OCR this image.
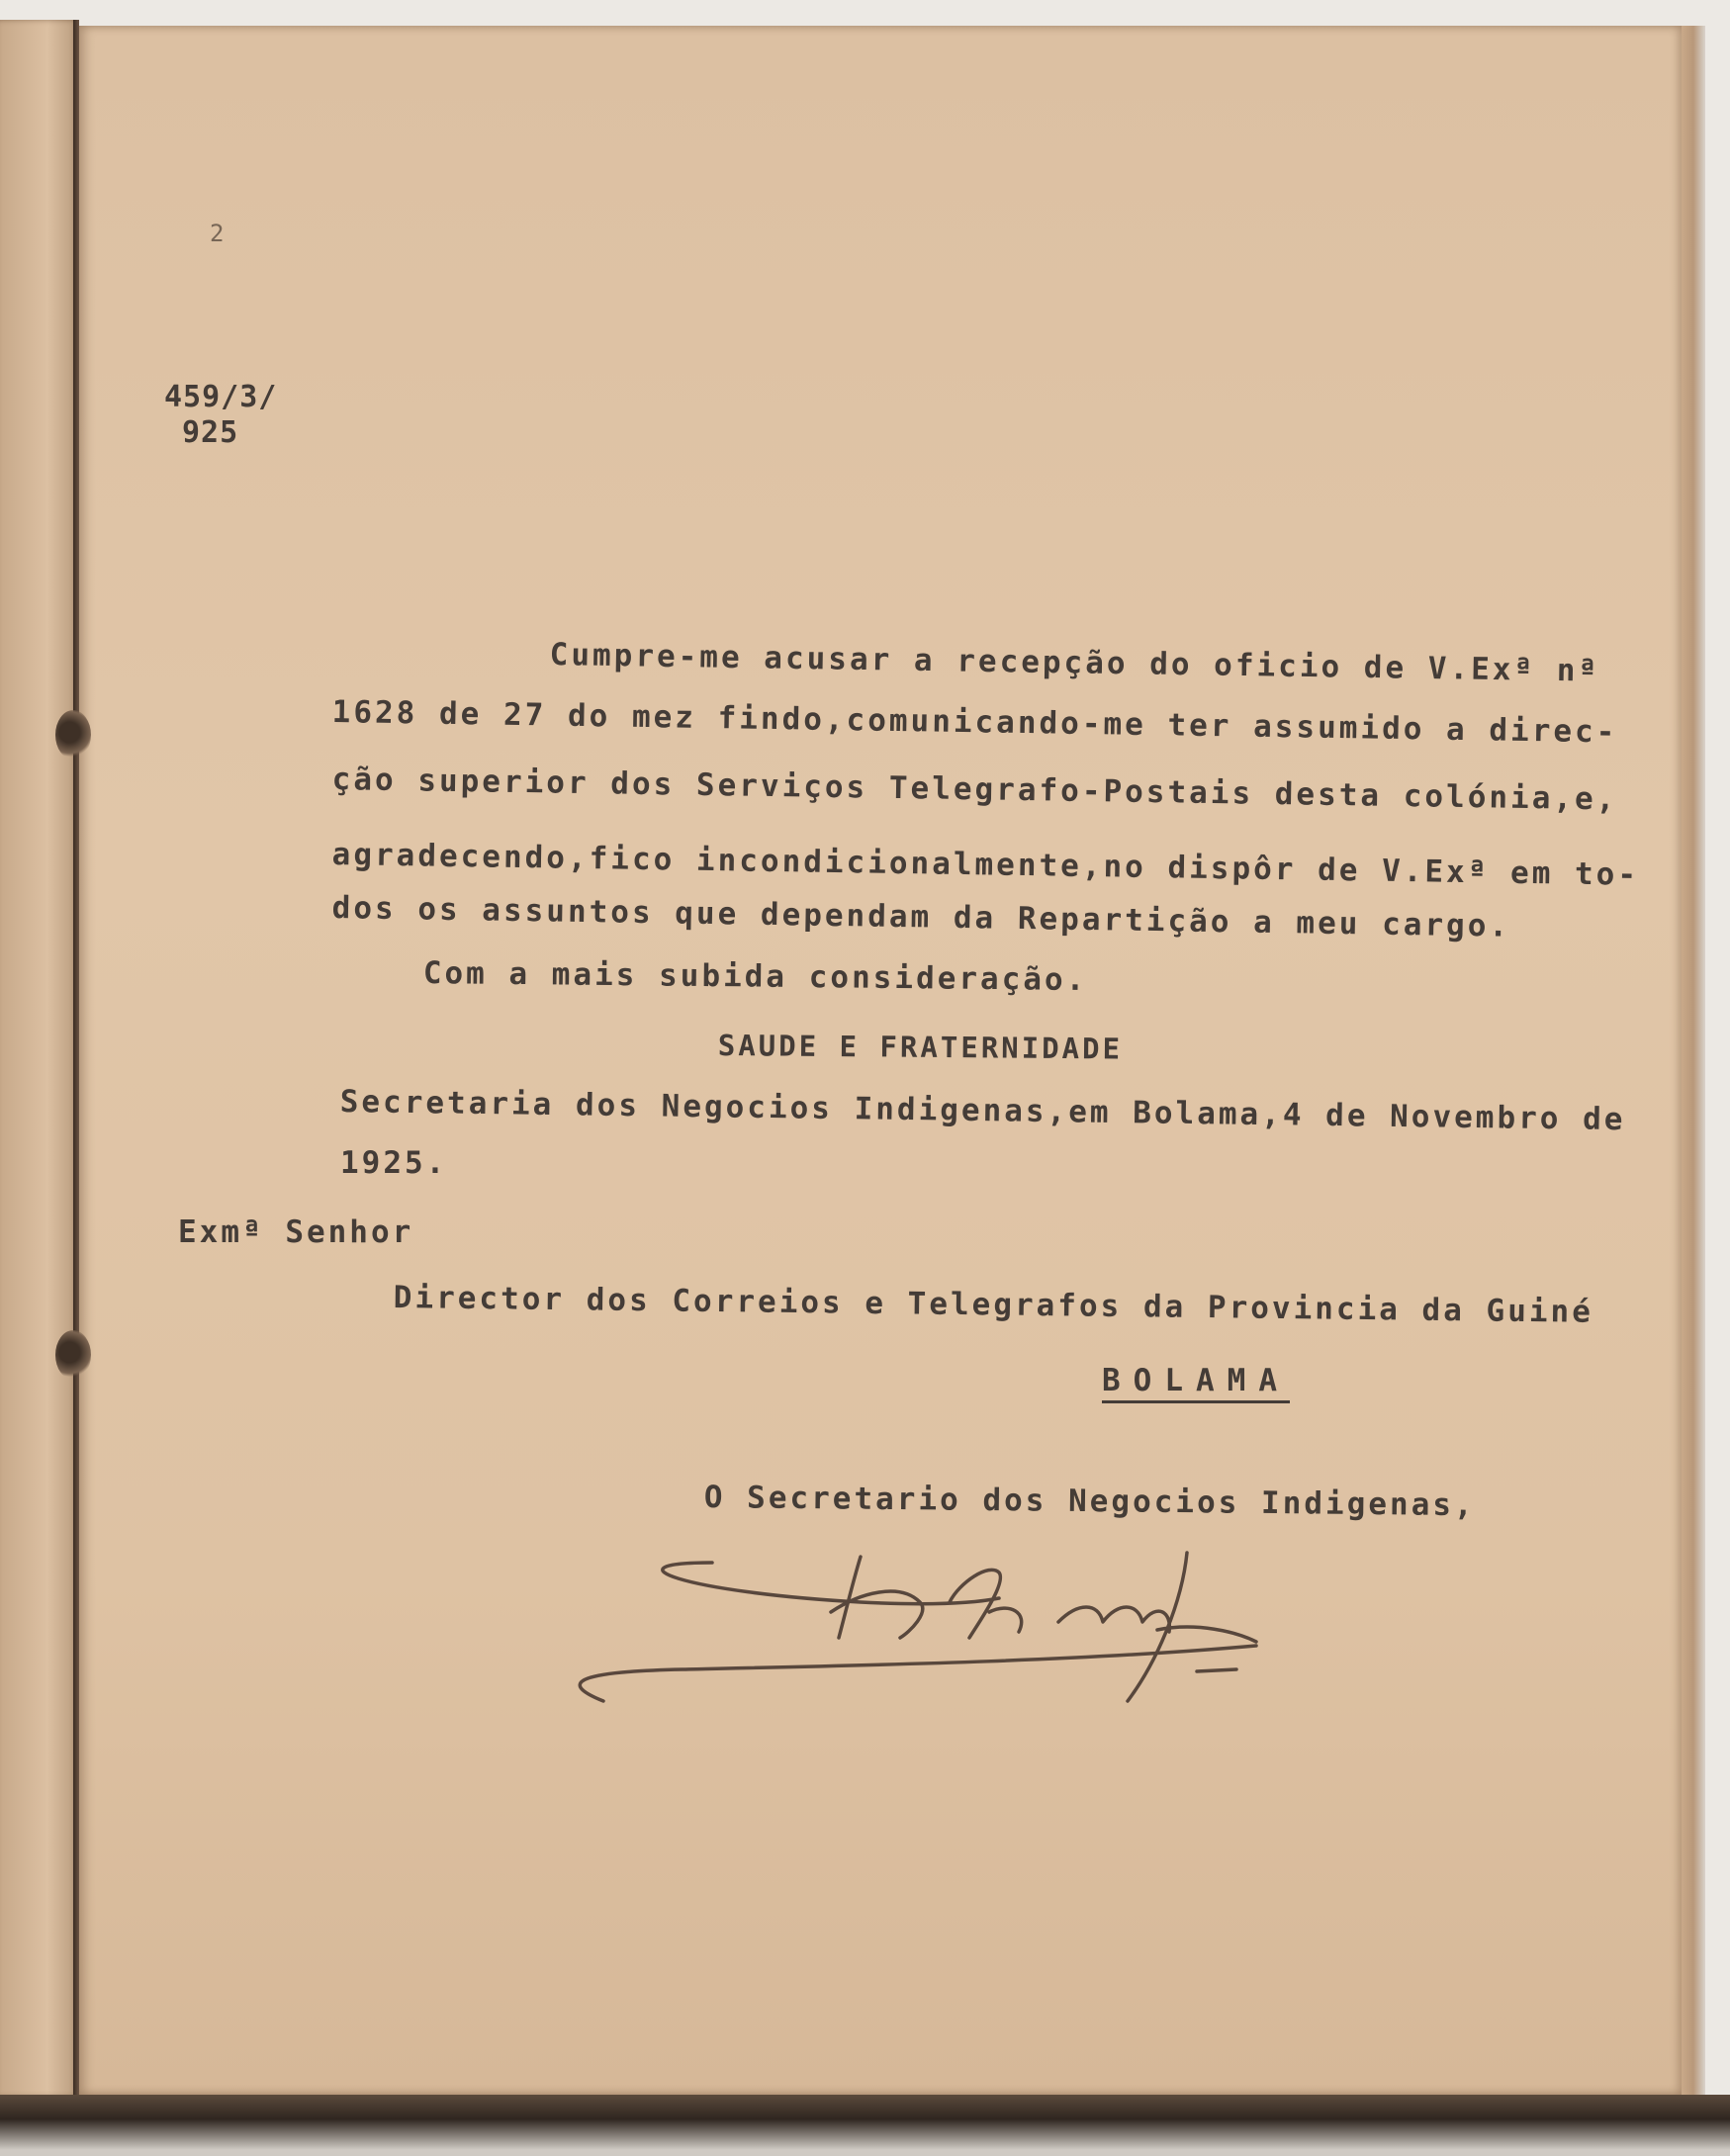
2
459/3/
925
Cumpre-me acusar a recepção do oficio de V.Exª nª
1628 de 27 do mez findo,comunicando-me ter assumido a direc-
ção superior dos Serviços Telegrafo-Postais desta colónia,e,
agradecendo,fico incondicionalmente,no dispôr de V.Exª em to-
dos os assuntos que dependam da Repartição a meu cargo.
Com a mais subida consideração.
SAUDE E FRATERNIDADE
Secretaria dos Negocios Indigenas,em Bolama,4 de Novembro de
1925.
Exmª Senhor
Director dos Correios e Telegrafos da Provincia da Guiné
BOLAMA
O Secretario dos Negocios Indigenas,
